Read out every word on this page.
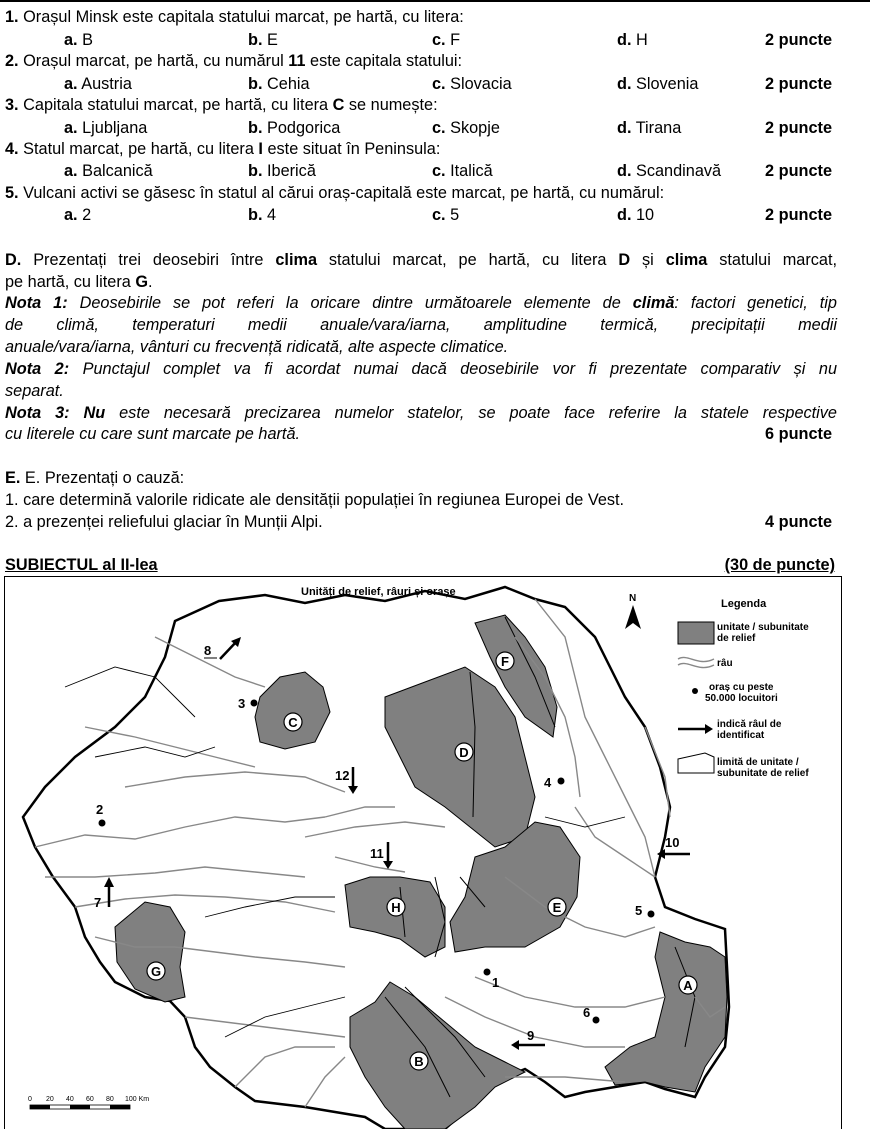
1. Orașul Minsk este capitala statului marcat, pe hartă, cu litera:
a. B	b. E	c. F	d. H	2 puncte
2. Orașul marcat, pe hartă, cu numărul 11 este capitala statului:
a. Austria	b. Cehia	c. Slovacia	d. Slovenia	2 puncte
3. Capitala statului marcat, pe hartă, cu litera C se numește:
a. Ljubljana	b. Podgorica	c. Skopje	d. Tirana	2 puncte
4. Statul marcat, pe hartă, cu litera I este situat în Peninsula:
a. Balcanică	b. Iberică	c. Italică	d. Scandinavă	2 puncte
5. Vulcani activi se găsesc în statul al cărui oraș-capitală este marcat, pe hartă, cu numărul:
a. 2	b. 4	c. 5	d. 10	2 puncte
D. Prezentați trei deosebiri între clima statului marcat, pe hartă, cu litera D și clima statului marcat,
pe hartă, cu litera G.
Nota 1: Deosebirile se pot referi la oricare dintre următoarele elemente de climă: factori genetici, tip
de climă, temperaturi medii anuale/vara/iarna, amplitudine termică, precipitații medii
anuale/vara/iarna, vânturi cu frecvență ridicată, alte aspecte climatice.
Nota 2: Punctajul complet va fi acordat numai dacă deosebirile vor fi prezentate comparativ și nu
separat.
Nota 3: Nu este necesară precizarea numelor statelor, se poate face referire la statele respective
cu literele cu care sunt marcate pe hartă.	6 puncte
E. E. Prezentați o cauză:
1. care determină valorile ridicate ale densității populației în regiunea Europei de Vest.
2. a prezenței reliefului glaciar în Munții Alpi.	4 puncte
SUBIECTUL al II-lea	(30 de puncte)
Unități de relief, râuri și orașe
A
B
C
D
E
F
G
H
1
2
3
4
5
6
7
8
9
10
11
12
N	Legenda
unitate / subunitate
de relief
râu
oraș cu peste
50.000 locuitori
indică râul de
identificat
limită de unitate /
subunitate de relief
0 20 40 60 80 100 Km
